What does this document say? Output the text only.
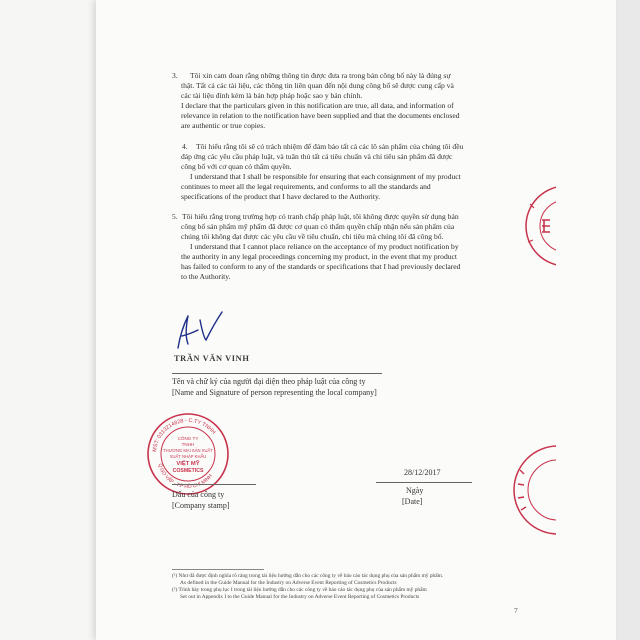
3. Tôi xin cam đoan rằng những thông tin được đưa ra trong bản công bố này là đúng sự
thật. Tất cả các tài liệu, các thông tin liên quan đến nội dung công bố sẽ được cung cấp và
các tài liệu đính kèm là bản hợp pháp hoặc sao y bản chính.
I declare that the particulars given in this notification are true, all data, and information of
relevance in relation to the notification have been supplied and that the documents enclosed
are authentic or true copies.
4. Tôi hiểu rằng tôi sẽ có trách nhiệm để đảm bảo tất cả các lô sản phẩm của chúng tôi đều
đáp ứng các yêu cầu pháp luật, và tuân thủ tất cả tiêu chuẩn và chỉ tiêu sản phẩm đã được
công bố với cơ quan có thẩm quyền.
I understand that I shall be responsible for ensuring that each consignment of my product
continues to meet all the legal requirements, and conforms to all the standards and
specifications of the product that I have declared to the Authority.
5. Tôi hiểu rằng trong trường hợp có tranh chấp pháp luật, tôi không được quyền sử dụng bản
công bố sản phẩm mỹ phẩm đã được cơ quan có thẩm quyền chấp nhận nếu sản phẩm của
chúng tôi không đạt được các yêu cầu về tiêu chuẩn, chỉ tiêu mà chúng tôi đã công bố.
I understand that I cannot place reliance on the acceptance of my product notification by
the authority in any legal proceedings concerning my product, in the event that my product
has failed to conform to any of the standards or specifications that I had previously declared
to the Authority.
TRẦN VĂN VINH
Tên và chữ ký của người đại diện theo pháp luật của công ty
[Name and Signature of person representing the local company]
MST: 0313214828 - C.TY TNHH
Q.GÒ VẤP - T.P HỒ CHÍ MINH
CÔNG TY
TNHH
THƯƠNG MẠI SẢN XUẤT
XUẤT NHẬP KHẨU
VIỆT MỸ
COSMETICS	28/12/2017
Ngày
[Date]
Dấu của công ty
[Company stamp]
(¹) Như đã được định nghĩa rõ ràng trong tài liệu hướng dẫn cho các công ty về báo cáo tác dụng phụ của sản phẩm mỹ phẩm.
As defined in the Guide Manual for the Industry on Adverse Event Reporting of Cosmetics Products
(²) Trình bày trong phụ lục I trong tài liệu hướng dẫn cho các công ty về báo cáo tác dụng phụ của sản phẩm mỹ phẩm
Set out in Appendix I to the Guide Manual for the Industry on Adverse Event Reporting of Cosmetics Products
7
